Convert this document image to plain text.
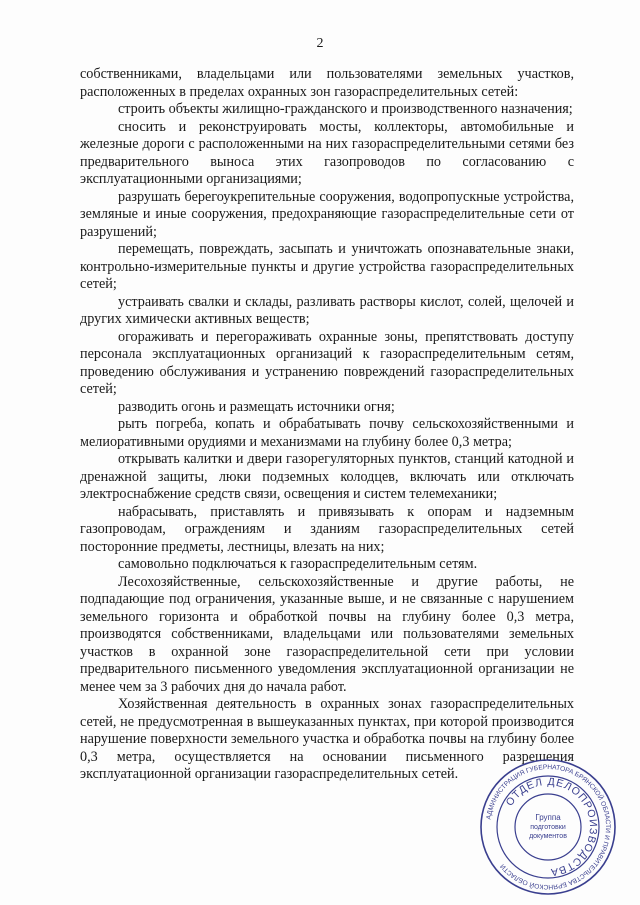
2

собственниками, владельцами или пользователями земельных участков, расположенных в пределах охранных зон газораспределительных сетей:

строить объекты жилищно-гражданского и производственного назначения;

сносить и реконструировать мосты, коллекторы, автомобильные и железные дороги с расположенными на них газораспределительными сетями без предварительного выноса этих газопроводов по согласованию с эксплуатационными организациями;

разрушать берегоукрепительные сооружения, водопропускные устройства, земляные и иные сооружения, предохраняющие газораспределительные сети от разрушений;

перемещать, повреждать, засыпать и уничтожать опознавательные знаки, контрольно-измерительные пункты и другие устройства газораспределительных сетей;

устраивать свалки и склады, разливать растворы кислот, солей, щелочей и других химически активных веществ;

огораживать и перегораживать охранные зоны, препятствовать доступу персонала эксплуатационных организаций к газораспределительным сетям, проведению обслуживания и устранению повреждений газораспределительных сетей;

разводить огонь и размещать источники огня;

рыть погреба, копать и обрабатывать почву сельскохозяйственными и мелиоративными орудиями и механизмами на глубину более 0,3 метра;

открывать калитки и двери газорегуляторных пунктов, станций катодной и дренажной защиты, люки подземных колодцев, включать или отключать электроснабжение средств связи, освещения и систем телемеханики;

набрасывать, приставлять и привязывать к опорам и надземным газопроводам, ограждениям и зданиям газораспределительных сетей посторонние предметы, лестницы, влезать на них;

самовольно подключаться к газораспределительным сетям.

Лесохозяйственные, сельскохозяйственные и другие работы, не подпадающие под ограничения, указанные выше, и не связанные с нарушением земельного горизонта и обработкой почвы на глубину более 0,3 метра, производятся собственниками, владельцами или пользователями земельных участков в охранной зоне газораспределительной сети при условии предварительного письменного уведомления эксплуатационной организации не менее чем за 3 рабочих дня до начала работ.

Хозяйственная деятельность в охранных зонах газораспределительных сетей, не предусмотренная в вышеуказанных пунктах, при которой производится нарушение поверхности земельного участка и обработка почвы на глубину более 0,3 метра, осуществляется на основании письменного разрешения эксплуатационной организации газораспределительных сетей.

АДМИНИСТРАЦИЯ ГУБЕРНАТОРА БРЯНСКОЙ ОБЛАСТИ И ПРАВИТЕЛЬСТВА БРЯНСКОЙ ОБЛАСТИ
ОТДЕЛ ДЕЛОПРОИЗВОДСТВА
Группа
подготовки
документов
